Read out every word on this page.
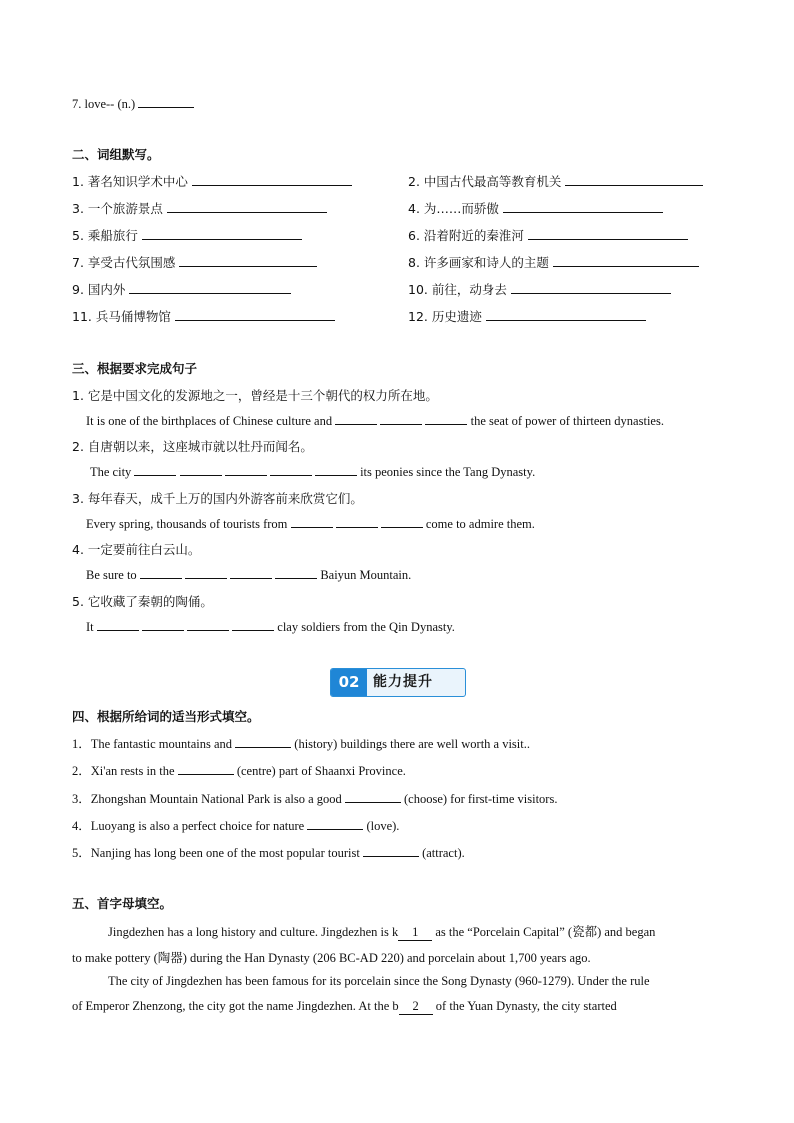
7. love-- (n.)
二、词组默写。
1. 著名知识学术中心	2. 中国古代最高等教育机关
3. 一个旅游景点	4. 为……而骄傲
5. 乘船旅行	6. 沿着附近的秦淮河
7. 享受古代氛围感	8. 许多画家和诗人的主题
9. 国内外	10. 前往，动身去
11. 兵马俑博物馆	12. 历史遗迹
三、根据要求完成句子
1. 它是中国文化的发源地之一，曾经是十三个朝代的权力所在地。
It is one of the birthplaces of Chinese culture and	the seat of power of thirteen dynasties.
2. 自唐朝以来，这座城市就以牡丹而闻名。
The city	its peonies since the Tang Dynasty.
3. 每年春天，成千上万的国内外游客前来欣赏它们。
Every spring, thousands of tourists from	come to admire them.
4. 一定要前往白云山。
Be sure to	Baiyun Mountain.
5. 它收藏了秦朝的陶俑。
It	clay soldiers from the Qin Dynasty.
02 能力提升
四、根据所给词的适当形式填空。
1．The fantastic mountains and	(history) buildings there are well worth a visit..
2．Xi'an rests in the	(centre) part of Shaanxi Province.
3．Zhongshan Mountain National Park is also a good	(choose) for first-time visitors.
4．Luoyang is also a perfect choice for nature	(love).
5．Nanjing has long been one of the most popular tourist	(attract).
五、首字母填空。
Jingdezhen has a long history and culture. Jingdezhen is k 1 as the “Porcelain Capital” (瓷都) and began
to make pottery (陶器) during the Han Dynasty (206 BC-AD 220) and porcelain about 1,700 years ago.
The city of Jingdezhen has been famous for its porcelain since the Song Dynasty (960-1279). Under the rule
of Emperor Zhenzong, the city got the name Jingdezhen. At the b 2 of the Yuan Dynasty, the city started
